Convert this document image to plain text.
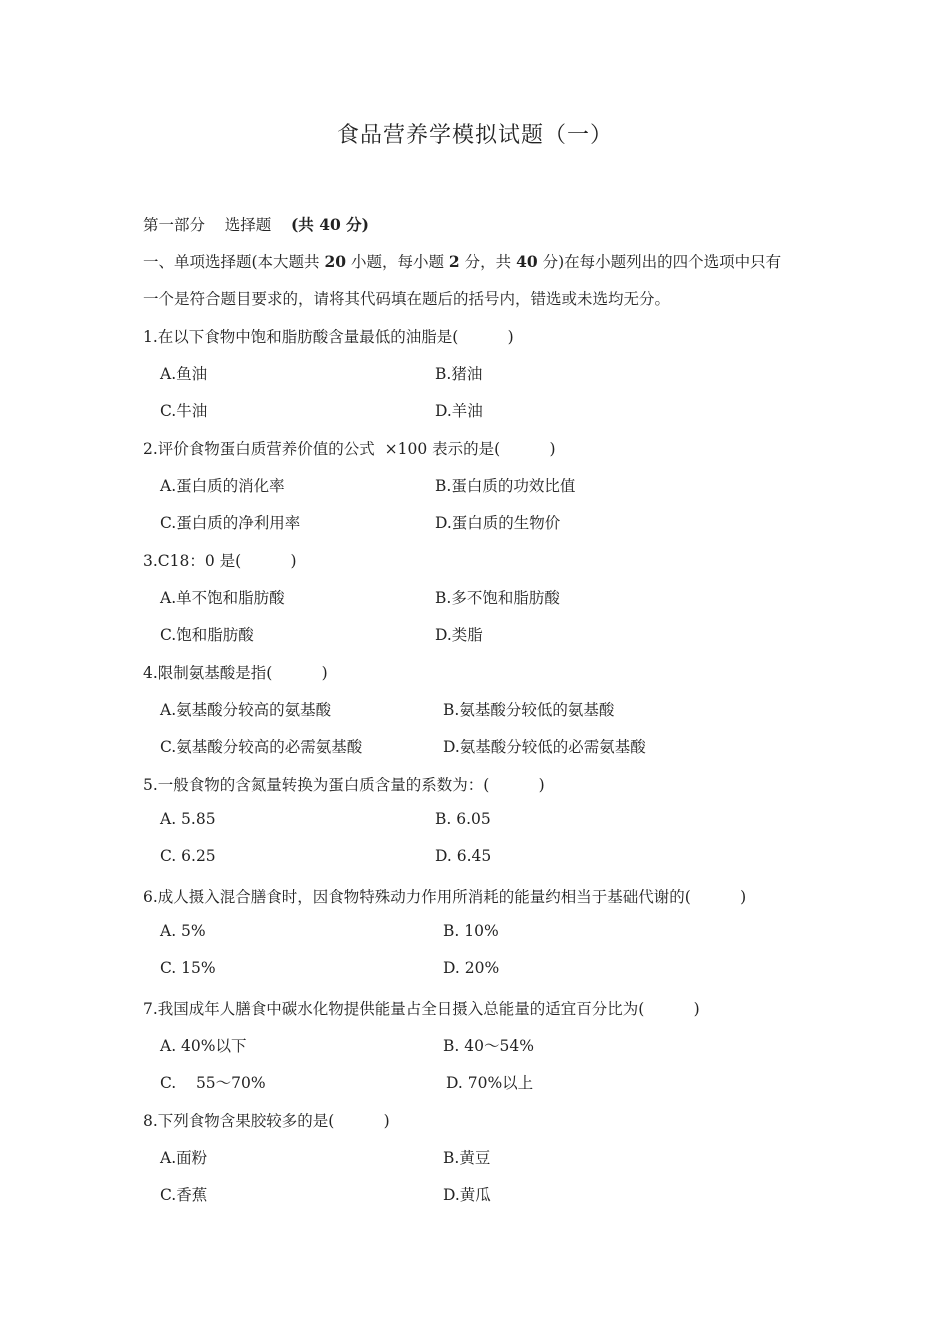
食品营养学模拟试题（一）
第一部分 选择题 (共 40 分)
一、单项选择题(本大题共 20 小题，每小题 2 分，共 40 分)在每小题列出的四个选项中只有
一个是符合题目要求的，请将其代码填在题后的括号内，错选或未选均无分。
1.在以下食物中饱和脂肪酸含量最低的油脂是(          )
A.鱼油	B.猪油
C.牛油	D.羊油
2.评价食物蛋白质营养价值的公式  ×100 表示的是(          )
A.蛋白质的消化率	B.蛋白质的功效比值
C.蛋白质的净利用率	D.蛋白质的生物价
3.C18：0 是(          )
A.单不饱和脂肪酸	B.多不饱和脂肪酸
C.饱和脂肪酸	D.类脂
4.限制氨基酸是指(          )
A.氨基酸分较高的氨基酸	B.氨基酸分较低的氨基酸
C.氨基酸分较高的必需氨基酸	D.氨基酸分较低的必需氨基酸
5.一般食物的含氮量转换为蛋白质含量的系数为：(          )
A. 5.85	B. 6.05
C. 6.25	D. 6.45
6.成人摄入混合膳食时，因食物特殊动力作用所消耗的能量约相当于基础代谢的(          )
A. 5%	B. 10%
C. 15%	D. 20%
7.我国成年人膳食中碳水化物提供能量占全日摄入总能量的适宜百分比为(          )
A. 40%以下	B. 40～54%
C.    55～70%	D. 70%以上
8.下列食物含果胶较多的是(          )
A.面粉	B.黄豆
C.香蕉	D.黄瓜
